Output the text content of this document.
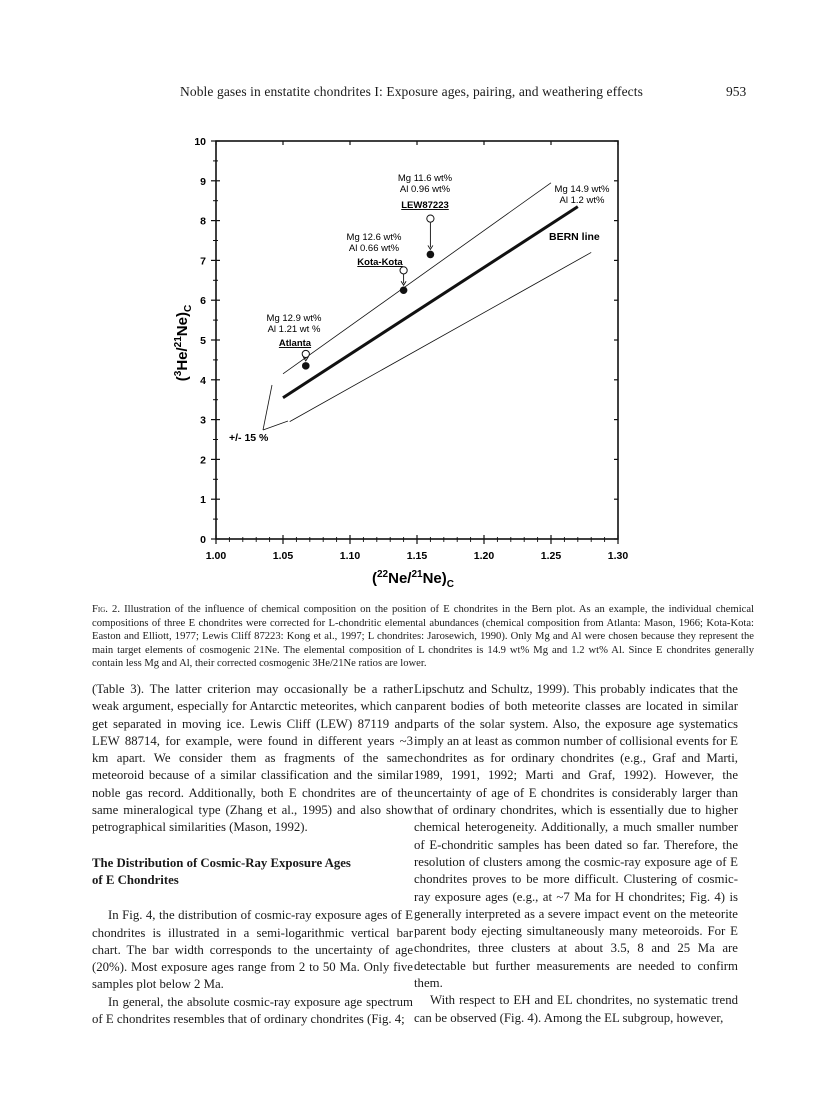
Noble gases in enstatite chondrites I: Exposure ages, pairing, and weathering effects	953
0
1
2
3
4
5
6
7
8
9
10
1.00	1.05	1.10	1.15	1.20	1.25	1.30
$(^3He/^{21}Ne)_C$
$(^{22}Ne/^{21}Ne)_C$
BERN line
Mg 14.9 wt%
Al 1.2 wt%
Mg 11.6 wt%
Al 0.96 wt%
LEW87223
Mg 12.6 wt%
Al 0.66 wt%
Kota-Kota
Mg 12.9 wt%
Al 1.21 wt %
Atlanta
+/- 15 %
Fig. 2. Illustration of the influence of chemical composition on the position of E chondrites in the Bern plot. As an example, the individual chemical compositions of three E chondrites were corrected for L-chondritic elemental abundances (chemical composition from Atlanta: Mason, 1966; Kota-Kota: Easton and Elliott, 1977; Lewis Cliff 87223: Kong et al., 1997; L chondrites: Jarosewich, 1990). Only Mg and Al were chosen because they represent the main target elements of cosmogenic 21Ne. The elemental composition of L chondrites is 14.9 wt% Mg and 1.2 wt% Al. Since E chondrites generally contain less Mg and Al, their corrected cosmogenic 3He/21Ne ratios are lower.

(Table 3). The latter criterion may occasionally be a rather weak argument, especially for Antarctic meteorites, which can get separated in moving ice. Lewis Cliff (LEW) 87119 and LEW 88714, for example, were found in different years ~3 km apart. We consider them as fragments of the same meteoroid because of a similar classification and the similar noble gas record. Additionally, both E chondrites are of the same mineralogical type (Zhang et al., 1995) and also show petrographical similarities (Mason, 1992).

The Distribution of Cosmic-Ray Exposure Ages
of E Chondrites

In Fig. 4, the distribution of cosmic-ray exposure ages of E chondrites is illustrated in a semi-logarithmic vertical bar chart. The bar width corresponds to the uncertainty of age (20%). Most exposure ages range from 2 to 50 Ma. Only five samples plot below 2 Ma.

In general, the absolute cosmic-ray exposure age spectrum of E chondrites resembles that of ordinary chondrites (Fig. 4;

Lipschutz and Schultz, 1999). This probably indicates that the parent bodies of both meteorite classes are located in similar parts of the solar system. Also, the exposure age systematics imply an at least as common number of collisional events for E chondrites as for ordinary chondrites (e.g., Graf and Marti, 1989, 1991, 1992; Marti and Graf, 1992). However, the uncertainty of age of E chondrites is considerably larger than that of ordinary chondrites, which is essentially due to higher chemical heterogeneity. Additionally, a much smaller number of E-chondritic samples has been dated so far. Therefore, the resolution of clusters among the cosmic-ray exposure age of E chondrites proves to be more difficult. Clustering of cosmic-ray exposure ages (e.g., at ~7 Ma for H chondrites; Fig. 4) is generally interpreted as a severe impact event on the meteorite parent body ejecting simultaneously many meteoroids. For E chondrites, three clusters at about 3.5, 8 and 25 Ma are detectable but further measurements are needed to confirm them.

With respect to EH and EL chondrites, no systematic trend can be observed (Fig. 4). Among the EL subgroup, however,
